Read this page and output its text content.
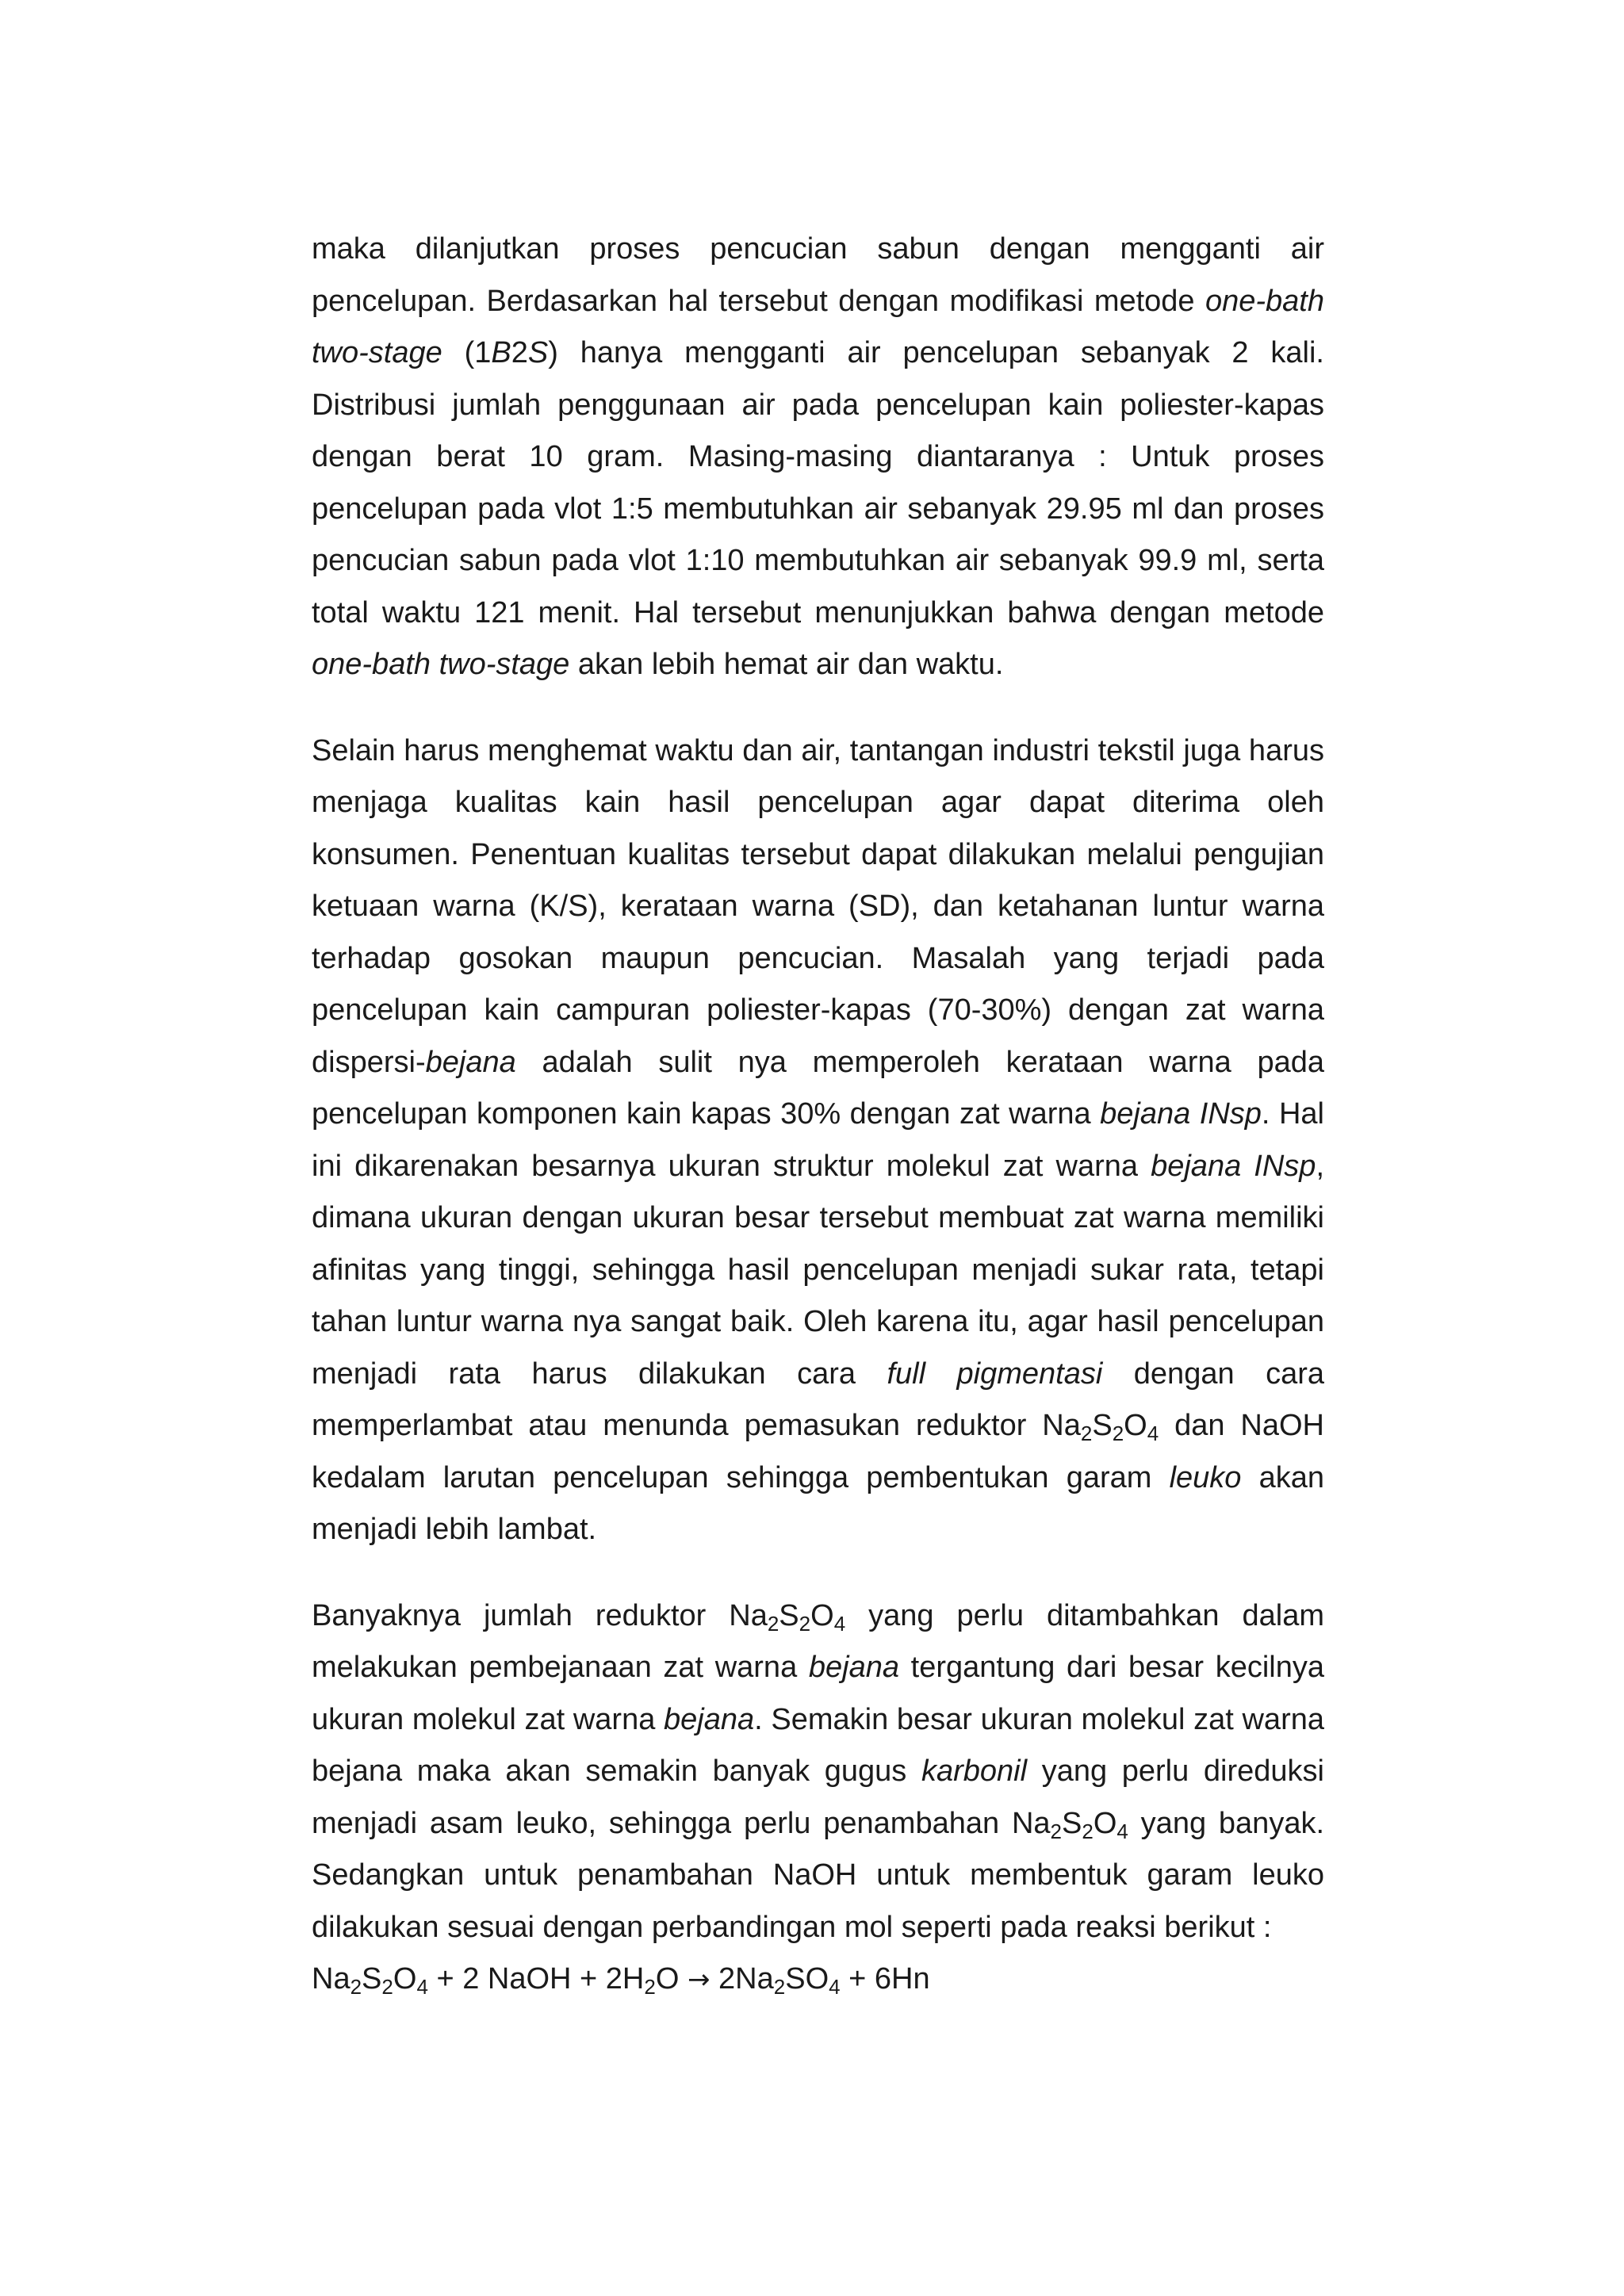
maka dilanjutkan proses pencucian sabun dengan mengganti air pencelupan. Berdasarkan hal tersebut dengan modifikasi metode one-bath two-stage (1B2S) hanya mengganti air pencelupan sebanyak 2 kali. Distribusi jumlah penggunaan air pada pencelupan kain poliester-kapas dengan berat 10 gram. Masing-masing diantaranya : Untuk proses pencelupan pada vlot 1:5 membutuhkan air sebanyak 29.95 ml dan proses pencucian sabun pada vlot 1:10 membutuhkan air sebanyak 99.9 ml, serta total waktu 121 menit. Hal tersebut menunjukkan bahwa dengan metode one-bath two-stage akan lebih hemat air dan waktu.

Selain harus menghemat waktu dan air, tantangan industri tekstil juga harus menjaga kualitas kain hasil pencelupan agar dapat diterima oleh konsumen. Penentuan kualitas tersebut dapat dilakukan melalui pengujian ketuaan warna (K/S), kerataan warna (SD), dan ketahanan luntur warna terhadap gosokan maupun pencucian. Masalah yang terjadi pada pencelupan kain campuran poliester-kapas (70-30%) dengan zat warna dispersi-bejana adalah sulit nya memperoleh kerataan warna pada pencelupan komponen kain kapas 30% dengan zat warna bejana INsp. Hal ini dikarenakan besarnya ukuran struktur molekul zat warna bejana INsp, dimana ukuran dengan ukuran besar tersebut membuat zat warna memiliki afinitas yang tinggi, sehingga hasil pencelupan menjadi sukar rata, tetapi tahan luntur warna nya sangat baik. Oleh karena itu, agar hasil pencelupan menjadi rata harus dilakukan cara full pigmentasi dengan cara memperlambat atau menunda pemasukan reduktor $Na_2S_2O_4$ dan NaOH kedalam larutan pencelupan sehingga pembentukan garam leuko akan menjadi lebih lambat.

Banyaknya jumlah reduktor $Na_2S_2O_4$ yang perlu ditambahkan dalam melakukan pembejanaan zat warna bejana tergantung dari besar kecilnya ukuran molekul zat warna bejana. Semakin besar ukuran molekul zat warna bejana maka akan semakin banyak gugus karbonil yang perlu direduksi menjadi asam leuko, sehingga perlu penambahan $Na_2S_2O_4$ yang banyak. Sedangkan untuk penambahan NaOH untuk membentuk garam leuko dilakukan sesuai dengan perbandingan mol seperti pada reaksi berikut :

$Na_2S_2O_4 + 2$ NaOH + $2H_2O \to 2Na_2SO_4 + 6Hn$
